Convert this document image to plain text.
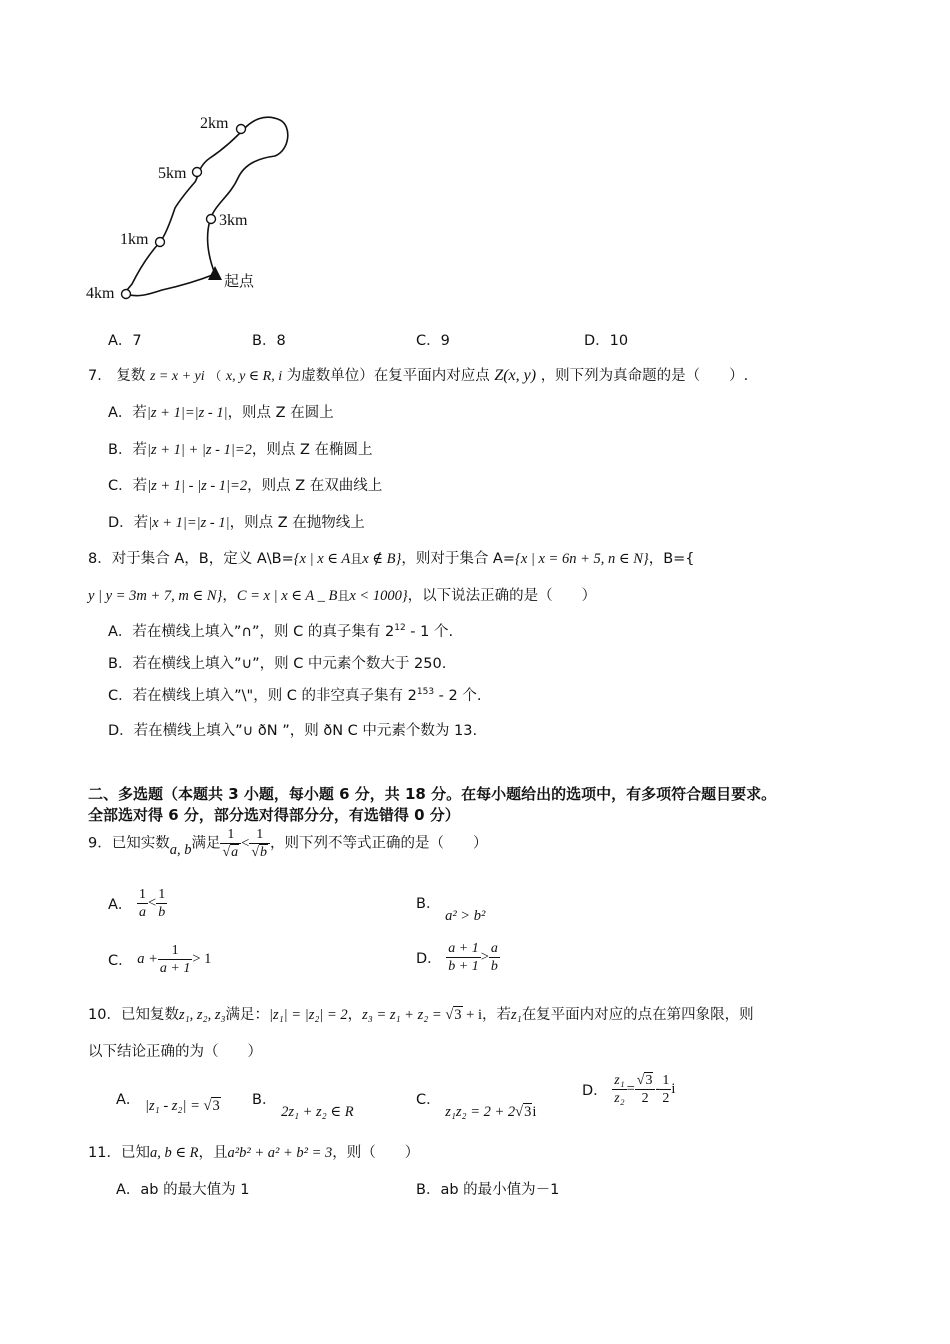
2km
5km
3km
1km
4km
起点
A．7	B．8	C．9	D．10
7． 复数 z = x + yi （ x, y ∈ R, i 为虚数单位）在复平面内对应点 Z(x, y) ，则下列为真命题的是（　　）.
A．若|z + 1|=|z - 1|，则点 Z 在圆上
B．若|z + 1| + |z - 1|=2，则点 Z 在椭圆上
C．若|z + 1| - |z - 1|=2，则点 Z 在双曲线上
D．若|x + 1|=|z - 1|，则点 Z 在抛物线上
8．对于集合 A，B，定义 A\B={x | x ∈ A且x ∉ B}，则对于集合 A={x | x = 6n + 5, n ∈ N}，B={
y | y = 3m + 7, m ∈ N}，C = x | x ∈ A _ B且x < 1000}，以下说法正确的是（　　）
A．若在横线上填入”∩”，则 C 的真子集有 $2^{12} - 1$ 个.
B．若在横线上填入”∪”，则 C 中元素个数大于 250.
C．若在横线上填入”\"，则 C 的非空真子集有 $2^{153} - 2$ 个.
D．若在横线上填入”∪ ðN ”，则 ðN C 中元素个数为 13.
二、多选题（本题共 3 小题，每小题 6 分，共 18 分。在每小题给出的选项中，有多项符合题目要求。
全部选对得 6 分，部分选对得部分分，有选错得 0 分）
9．已知实数a, b满足 $\frac{1}{√a} < \frac{1}{√b}$ ，则下列不等式正确的是（　　）
A． $\frac{1}{a} < \frac{1}{b}$	B． a² > b²
C． $a + \frac{1}{a + 1} > 1$	D． $\frac{a + 1}{b + 1} > \frac{a}{b}$
10．已知复数z₁, z₂, z₃满足：|z₁| = |z₂| = 2，z₃ = z₁ + z₂ = √3 + i，若z₁在复平面内对应的点在第四象限，则
以下结论正确的为（　　）
A． |z₁ - z₂| = √3 B． 2z₁ + z₂ ∈ R
C． z₁z₂ = 2 + 2√3i
D． $\frac{\text{z₁}}{\text{z₂}} = \frac{√3}{2} - \frac{1}{2}$ i
11．已知a, b ∈ R，且a²b² + a² + b² = 3，则（　　）
A．ab 的最大值为 1	B．ab 的最小值为－1
